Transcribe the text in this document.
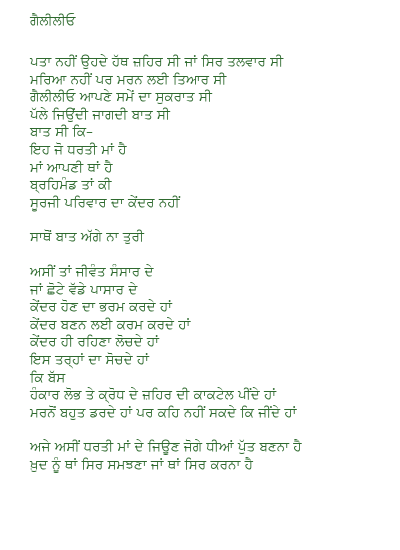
ਗੈਲੀਲੀਓ
ਪਤਾ ਨਹੀਂ ਉਹਦੇ ਹੱਥ ਜ਼ਹਿਰ ਸੀ ਜਾਂ ਸਿਰ ਤਲਵਾਰ ਸੀ
ਮਰਿਆ ਨਹੀਂ ਪਰ ਮਰਨ ਲਈ ਤਿਆਰ ਸੀ
ਗੈਲੀਲੀਓ ਆਪਣੇ ਸਮੇਂ ਦਾ ਸੁਕਰਾਤ ਸੀ
ਪੱਲੇ ਜਿਉਂਦੀ ਜਾਗਦੀ ਬਾਤ ਸੀ
ਬਾਤ ਸੀ ਕਿ–
ਇਹ ਜੋ ਧਰਤੀ ਮਾਂ ਹੈ
ਮਾਂ ਆਪਣੀ ਥਾਂ ਹੈ
ਬ੍ਰਹਿਮੰਡ ਤਾਂ ਕੀ
ਸੂਰਜੀ ਪਰਿਵਾਰ ਦਾ ਕੇਂਦਰ ਨਹੀਂ
ਸਾਥੋਂ ਬਾਤ ਅੱਗੇ ਨਾ ਤੁਰੀ
ਅਸੀਂ ਤਾਂ ਜੀਵੰਤ ਸੰਸਾਰ ਦੇ
ਜਾਂ ਛੋਟੇ ਵੱਡੇ ਪਾਸਾਰ ਦੇ
ਕੇਂਦਰ ਹੋਣ ਦਾ ਭਰਮ ਕਰਦੇ ਹਾਂ
ਕੇਂਦਰ ਬਣਨ ਲਈ ਕਰਮ ਕਰਦੇ ਹਾਂ
ਕੇਂਦਰ ਹੀ ਰਹਿਣਾ ਲੋਚਦੇ ਹਾਂ
ਇਸ ਤਰ੍ਹਾਂ ਦਾ ਸੋਚਦੇ ਹਾਂ
ਕਿ ਬੱਸ
ਹੰਕਾਰ ਲੋਭ ਤੇ ਕ੍ਰੋਧ ਦੇ ਜ਼ਹਿਰ ਦੀ ਕਾਕਟੇਲ ਪੀਂਦੇ ਹਾਂ
ਮਰਨੋਂ ਬਹੁਤ ਡਰਦੇ ਹਾਂ ਪਰ ਕਹਿ ਨਹੀਂ ਸਕਦੇ ਕਿ ਜੀਂਦੇ ਹਾਂ
ਅਜੇ ਅਸੀਂ ਧਰਤੀ ਮਾਂ ਦੇ ਜਿਊਣ ਜੋਗੇ ਧੀਆਂ ਪੁੱਤ ਬਣਨਾ ਹੈ
ਖ਼ੁਦ ਨੂੰ ਥਾਂ ਸਿਰ ਸਮਝਣਾ ਜਾਂ ਥਾਂ ਸਿਰ ਕਰਨਾ ਹੈ
